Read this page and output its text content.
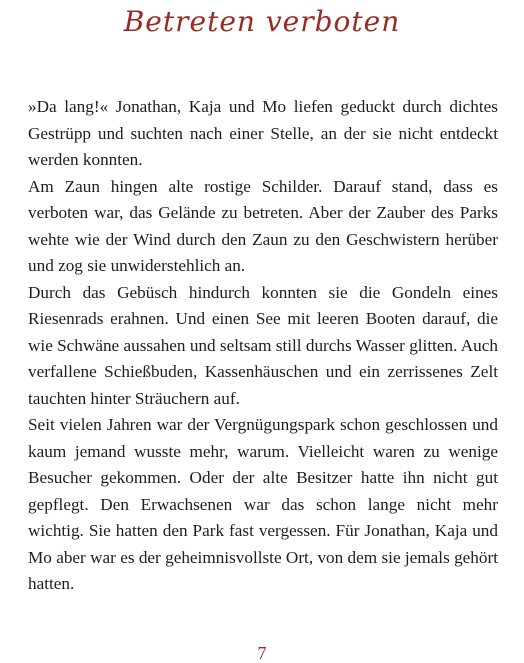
Betreten verboten

»Da lang!« Jonathan, Kaja und Mo liefen geduckt durch dichtes Gestrüpp und suchten nach einer Stelle, an der sie nicht entdeckt werden konnten.

Am Zaun hingen alte rostige Schilder. Darauf stand, dass es verboten war, das Gelände zu betreten. Aber der Zauber des Parks wehte wie der Wind durch den Zaun zu den Geschwistern herüber und zog sie unwiderstehlich an.

Durch das Gebüsch hindurch konnten sie die Gondeln eines Riesenrads erahnen. Und einen See mit leeren Booten darauf, die wie Schwäne aussahen und seltsam still durchs Wasser glitten. Auch verfallene Schießbuden, Kassenhäuschen und ein zerrissenes Zelt tauchten hinter Sträuchern auf.

Seit vielen Jahren war der Vergnügungspark schon geschlossen und kaum jemand wusste mehr, warum. Vielleicht waren zu wenige Besucher gekommen. Oder der alte Besitzer hatte ihn nicht gut gepflegt. Den Erwachsenen war das schon lange nicht mehr wichtig. Sie hatten den Park fast vergessen. Für Jonathan, Kaja und Mo aber war es der geheimnisvollste Ort, von dem sie jemals gehört hatten.

7
